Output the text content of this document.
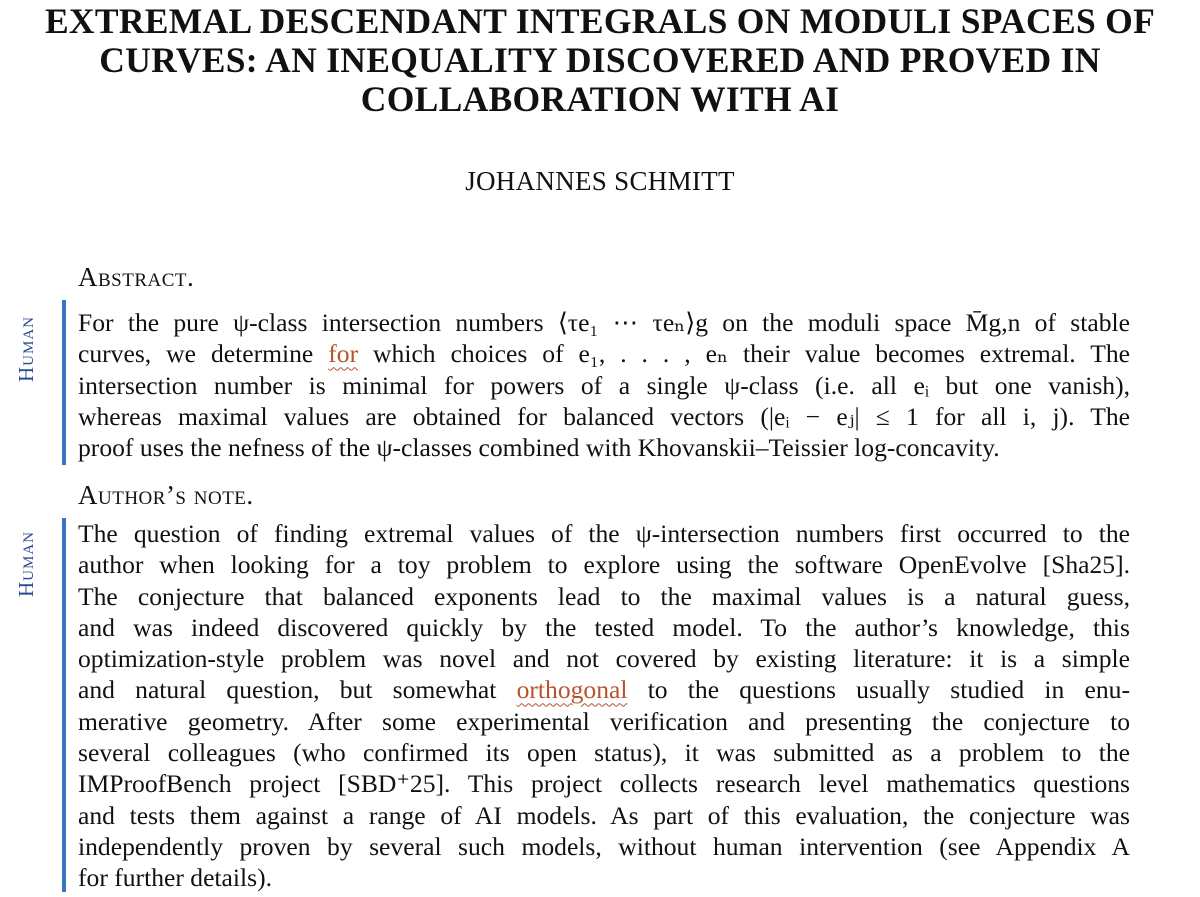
EXTREMAL DESCENDANT INTEGRALS ON MODULI SPACES OF
CURVES: AN INEQUALITY DISCOVERED AND PROVED IN
COLLABORATION WITH AI
JOHANNES SCHMITT
Abstract.
Human For the pure ψ-class intersection numbers ⟨τe₁ ⋯ τeₙ⟩g on the moduli space M̄g,n of stable
curves, we determine for which choices of e₁, . . . , eₙ their value becomes extremal. The
intersection number is minimal for powers of a single ψ-class (i.e. all eᵢ but one vanish),
whereas maximal values are obtained for balanced vectors (|eᵢ − eⱼ| ≤ 1 for all i, j). The
proof uses the nefness of the ψ-classes combined with Khovanskii–Teissier log-concavity.
Author’s note.
Human The question of finding extremal values of the ψ-intersection numbers first occurred to the
author when looking for a toy problem to explore using the software OpenEvolve [Sha25].
The conjecture that balanced exponents lead to the maximal values is a natural guess,
and was indeed discovered quickly by the tested model. To the author’s knowledge, this
optimization-style problem was novel and not covered by existing literature: it is a simple
and natural question, but somewhat orthogonal to the questions usually studied in enu-
merative geometry. After some experimental verification and presenting the conjecture to
several colleagues (who confirmed its open status), it was submitted as a problem to the
IMProofBench project [SBD⁺25]. This project collects research level mathematics questions
and tests them against a range of AI models. As part of this evaluation, the conjecture was
independently proven by several such models, without human intervention (see Appendix A
for further details).
